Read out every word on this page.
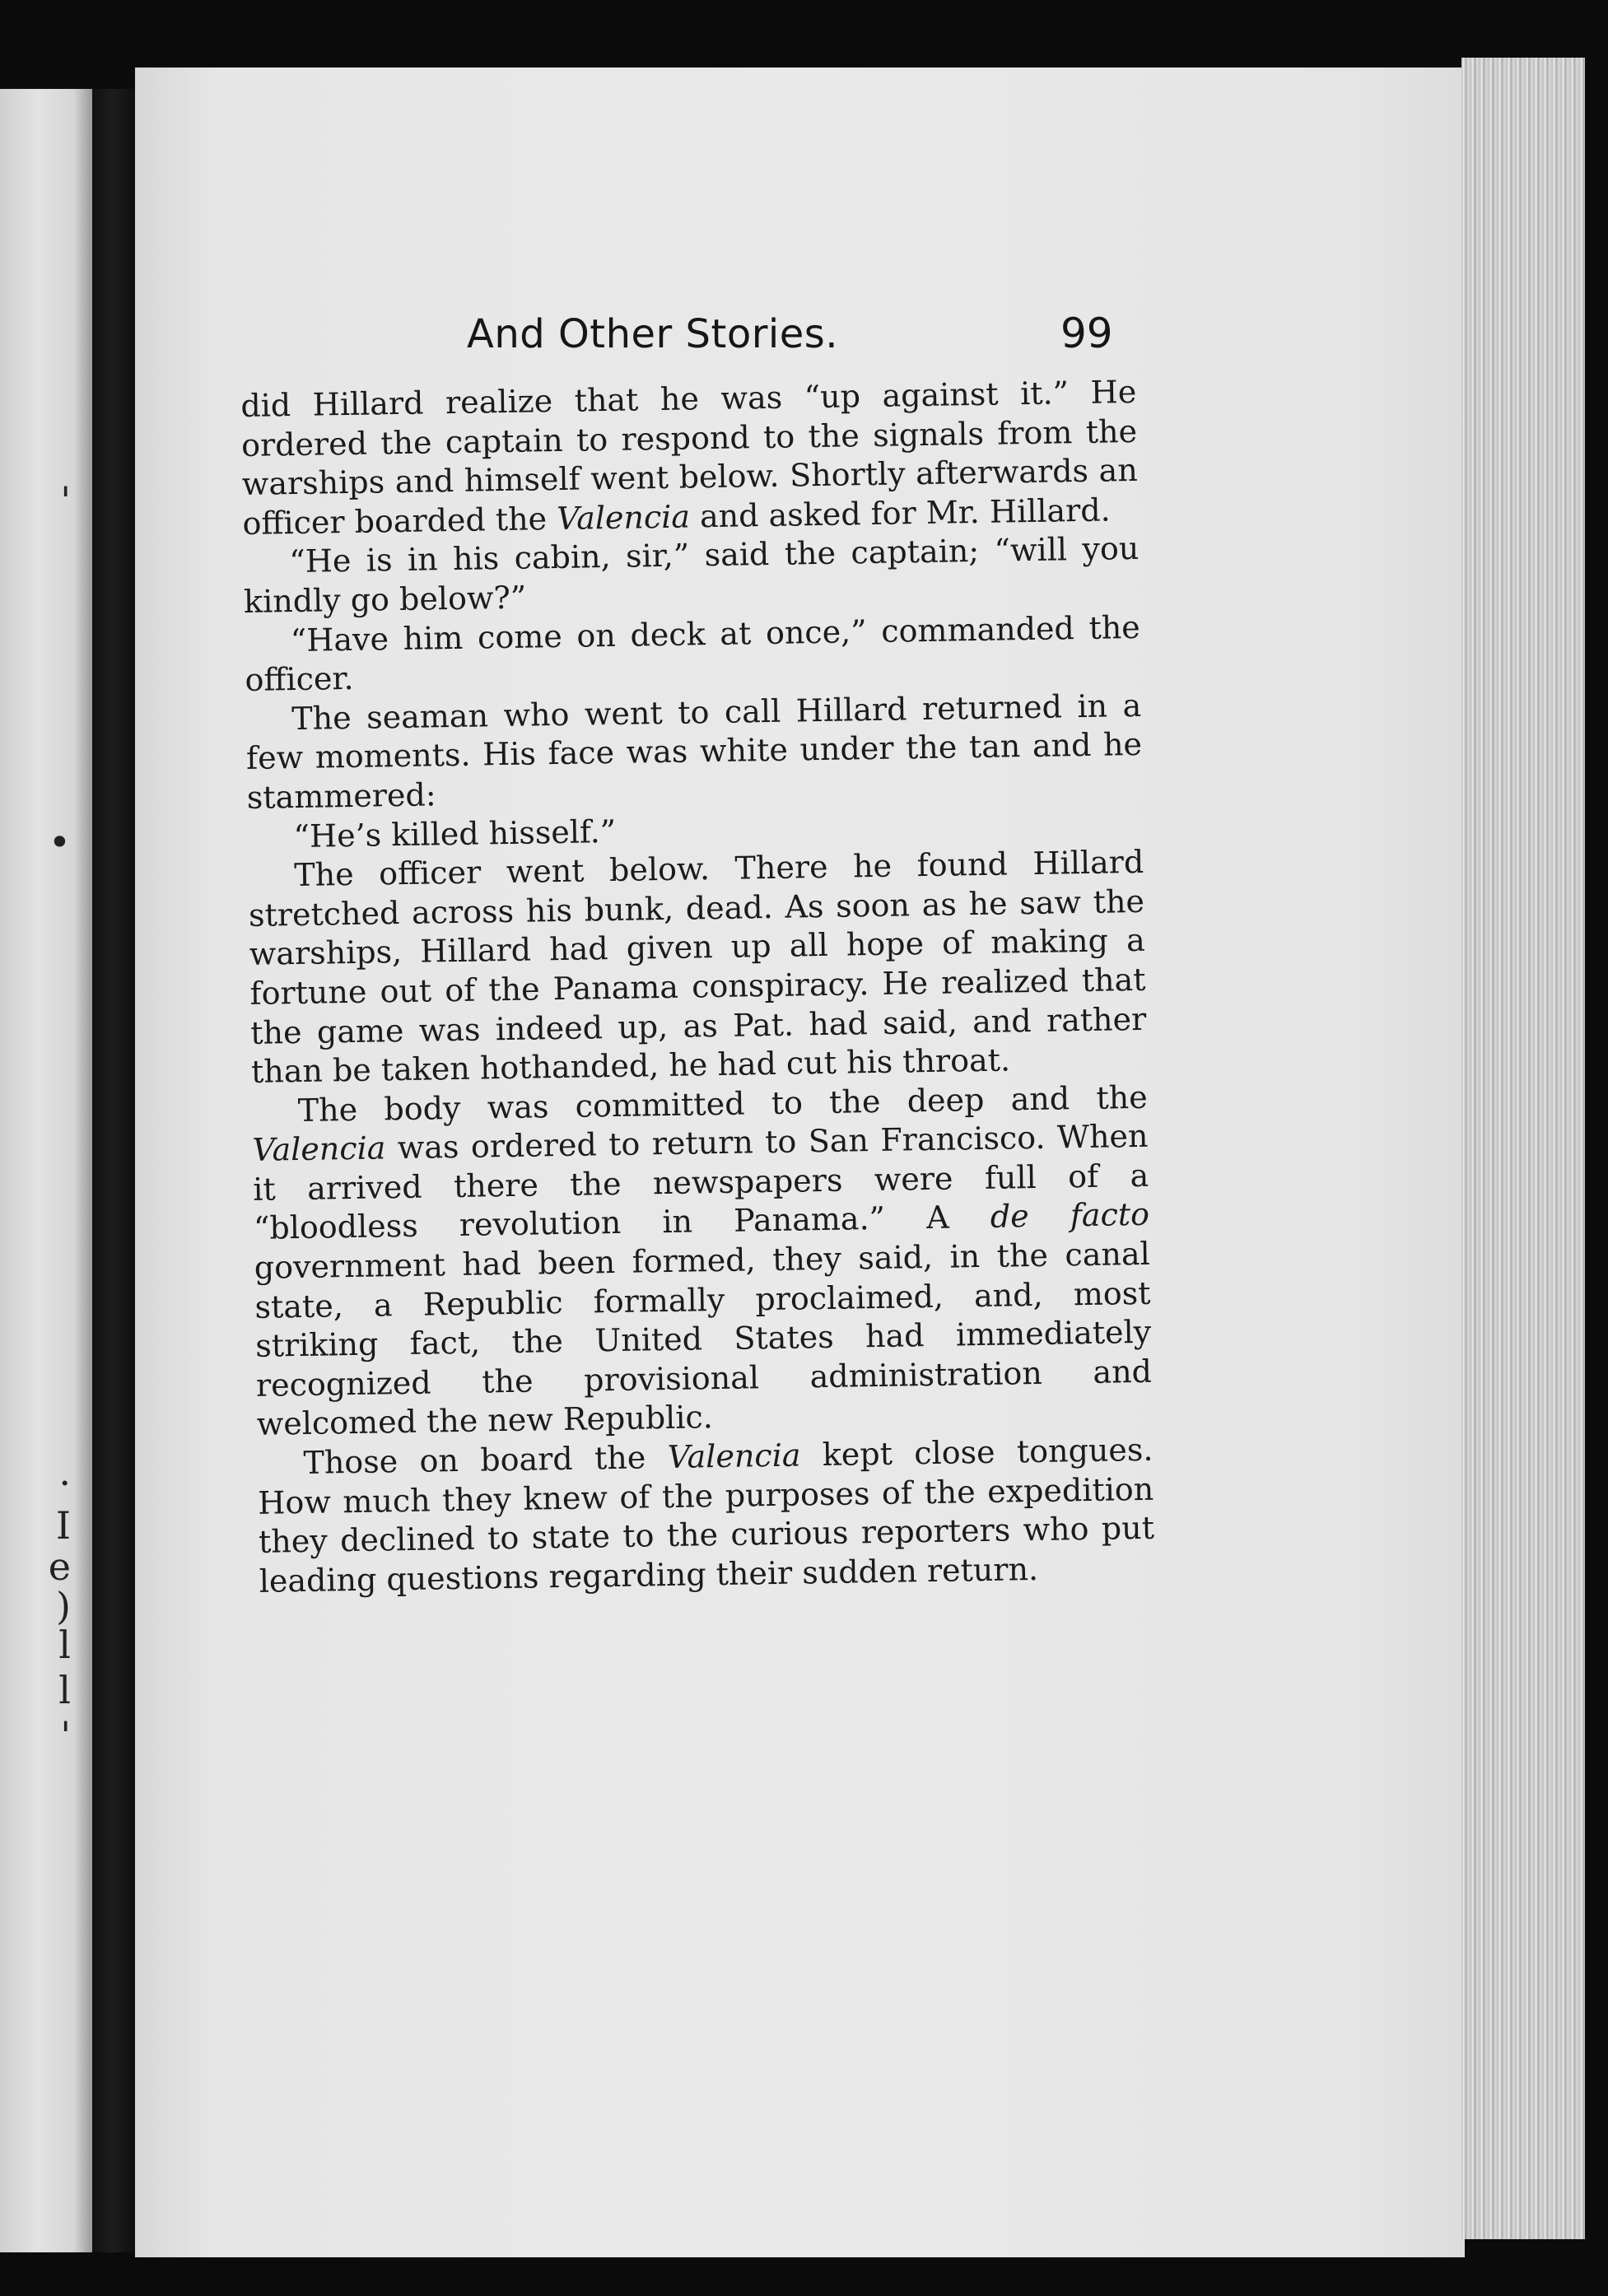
'
•
.
I
e
)
l
l
'
And Other Stories.	99

did Hillard realize that he was “up against it.” He ordered the captain to respond to the signals from the warships and himself went below. Shortly afterwards an officer boarded the Valencia and asked for Mr. Hillard.

“He is in his cabin, sir,” said the captain; “will you kindly go below?”

“Have him come on deck at once,” commanded the officer.

The seaman who went to call Hillard returned in a few moments. His face was white under the tan and he stammered:

“He’s killed hisself.”

The officer went below. There he found Hillard stretched across his bunk, dead. As soon as he saw the warships, Hillard had given up all hope of making a fortune out of the Panama conspiracy. He realized that the game was indeed up, as Pat. had said, and rather than be taken hothanded, he had cut his throat.

The body was committed to the deep and the Valencia was ordered to return to San Francisco. When it arrived there the newspapers were full of a “bloodless revolution in Panama.” A de facto government had been formed, they said, in the canal state, a Republic formally proclaimed, and, most striking fact, the United States had immediately recognized the provisional administration and welcomed the new Republic.

Those on board the Valencia kept close tongues. How much they knew of the purposes of the expedition they declined to state to the curious reporters who put leading questions regarding their sudden return.
